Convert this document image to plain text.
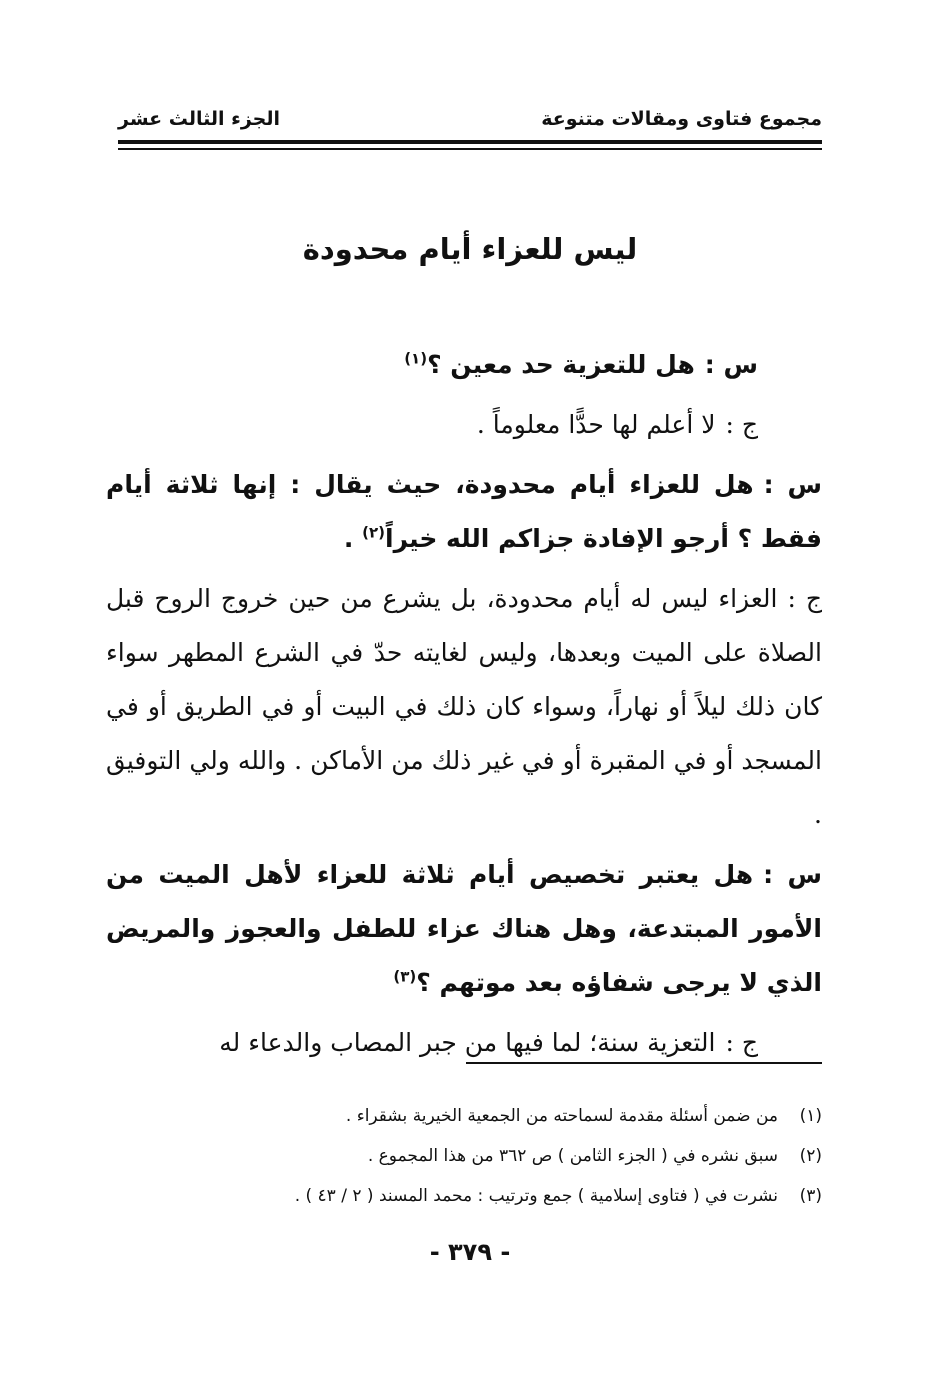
مجموع فتاوى ومقالات متنوعة
الجزء الثالث عشر
ليس للعزاء أيام محدودة

س :هل للتعزية حد معين ؟$^{(١)}$

ج :لا أعلم لها حدًّا معلوماً .

س :هل للعزاء أيام محدودة، حيث يقال : إنها ثلاثة أيام فقط ؟ أرجو الإفادة جزاكم الله خيراً$^{(٢)}$ .

ج :العزاء ليس له أيام محدودة، بل يشرع من حين خروج الروح قبل الصلاة على الميت وبعدها، وليس لغايته حدّ في الشرع المطهر سواء كان ذلك ليلاً أو نهاراً، وسواء كان ذلك في البيت أو في الطريق أو في المسجد أو في المقبرة أو في غير ذلك من الأماكن . والله ولي التوفيق .

س :هل يعتبر تخصيص أيام ثلاثة للعزاء لأهل الميت من الأمور المبتدعة، وهل هناك عزاء للطفل والعجوز والمريض الذي لا يرجى شفاؤه بعد موتهم ؟$^{(٣)}$

ج :التعزية سنة؛ لما فيها من جبر المصاب والدعاء له

(١)من ضمن أسئلة مقدمة لسماحته من الجمعية الخيرية بشقراء .
(٢)سبق نشره في ( الجزء الثامن ) ص ٣٦٢ من هذا المجموع .
(٣)نشرت في ( فتاوى إسلامية ) جمع وترتيب : محمد المسند ( ٢ / ٤٣ ) .
- ٣٧٩ -
